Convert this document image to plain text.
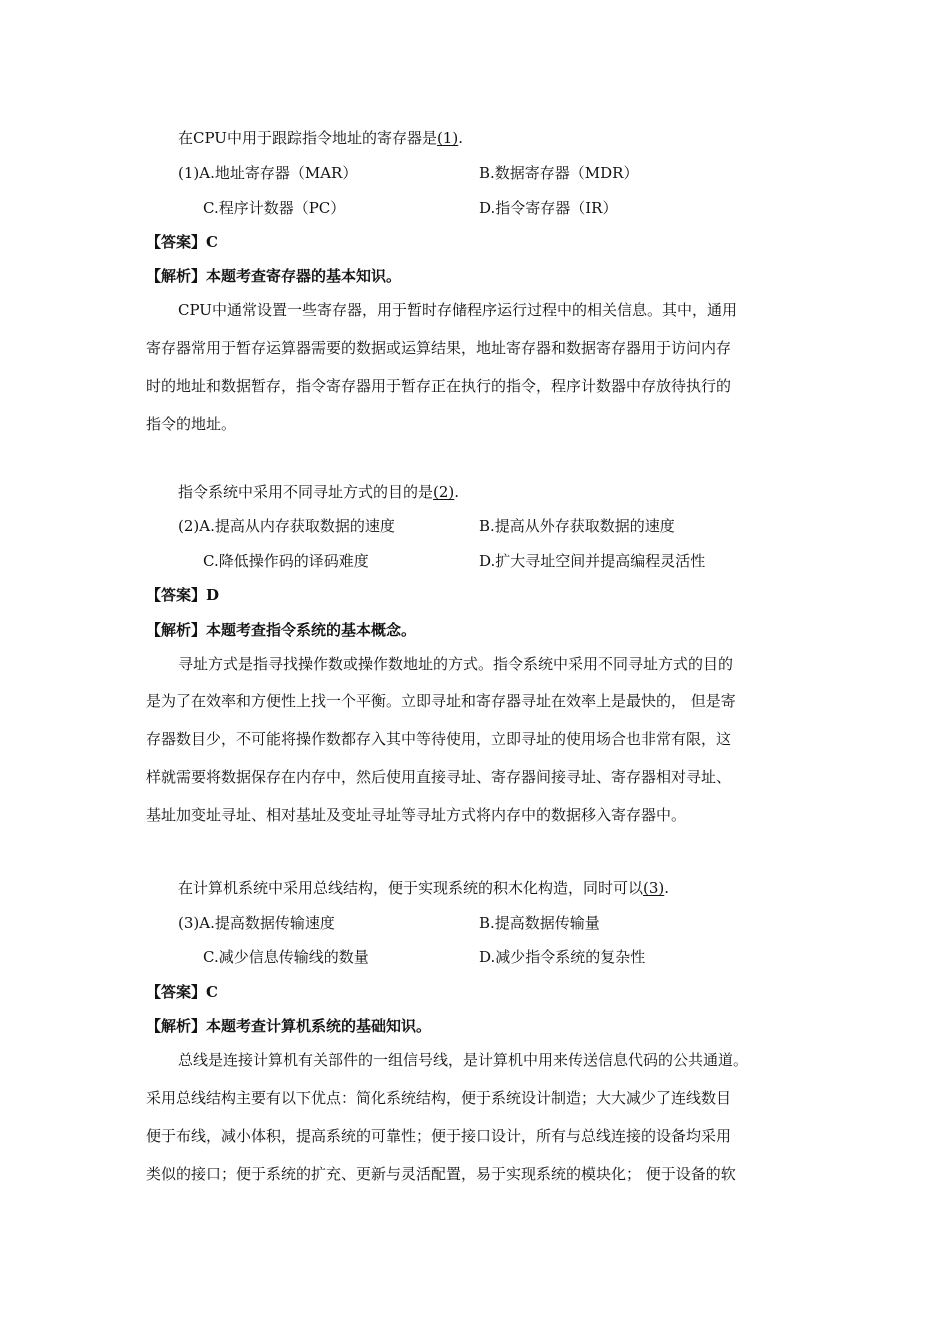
在CPU中用于跟踪指令地址的寄存器是(1).
(1)A.地址寄存器（MAR）	B.数据寄存器（MDR）
C.程序计数器（PC）	D.指令寄存器（IR）
【答案】C
【解析】本题考查寄存器的基本知识。
CPU中通常设置一些寄存器，用于暂时存储程序运行过程中的相关信息。其中，通用
寄存器常用于暂存运算器需要的数据或运算结果，地址寄存器和数据寄存器用于访问内存
时的地址和数据暂存，指令寄存器用于暂存正在执行的指令，程序计数器中存放待执行的
指令的地址。
指令系统中采用不同寻址方式的目的是(2).
(2)A.提高从内存获取数据的速度	B.提高从外存获取数据的速度
C.降低操作码的译码难度	D.扩大寻址空间并提高编程灵活性
【答案】D
【解析】本题考查指令系统的基本概念。
寻址方式是指寻找操作数或操作数地址的方式。指令系统中采用不同寻址方式的目的
是为了在效率和方便性上找一个平衡。立即寻址和寄存器寻址在效率上是最快的， 但是寄
存器数目少，不可能将操作数都存入其中等待使用，立即寻址的使用场合也非常有限，这
样就需要将数据保存在内存中，然后使用直接寻址、寄存器间接寻址、寄存器相对寻址、
基址加变址寻址、相对基址及变址寻址等寻址方式将内存中的数据移入寄存器中。
在计算机系统中采用总线结构，便于实现系统的积木化构造，同时可以(3).
(3)A.提高数据传输速度	B.提高数据传输量
C.减少信息传输线的数量	D.减少指令系统的复杂性
【答案】C
【解析】本题考查计算机系统的基础知识。
总线是连接计算机有关部件的一组信号线，是计算机中用来传送信息代码的公共通道。
采用总线结构主要有以下优点：简化系统结构，便于系统设计制造；大大减少了连线数目
便于布线，减小体积，提高系统的可靠性；便于接口设计，所有与总线连接的设备均采用
类似的接口；便于系统的扩充、更新与灵活配置，易于实现系统的模块化； 便于设备的软
